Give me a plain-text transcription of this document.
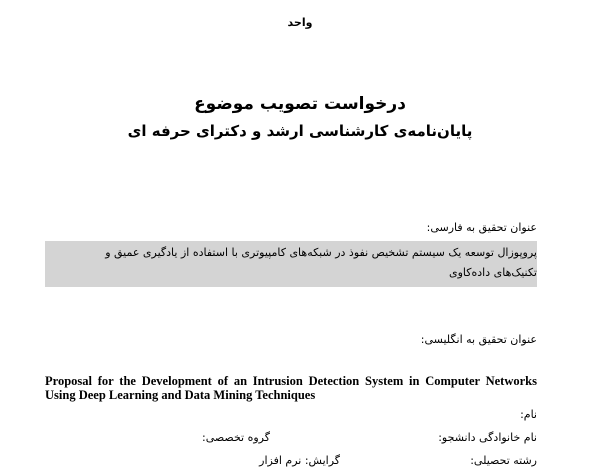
واحد
درخواست تصويب موضوع
پایان‌نامه‌ی کارشناسی ارشد و دکترای حرفه ای
عنوان تحقیق به فارسی:
پروپوزال توسعه یک سیستم تشخیص نفوذ در شبکه‌های کامپیوتری با استفاده از یادگیری عمیق و
تکنیک‌های داده‌کاوی
عنوان تحقیق به انگلیسی:
Proposal for the Development of an Intrusion Detection System in Computer Networks Using Deep Learning and Data Mining Techniques
نام:
نام خانوادگی دانشجو:
گروه تخصصی:
رشته تحصیلی:
گرایش: نرم افزار
